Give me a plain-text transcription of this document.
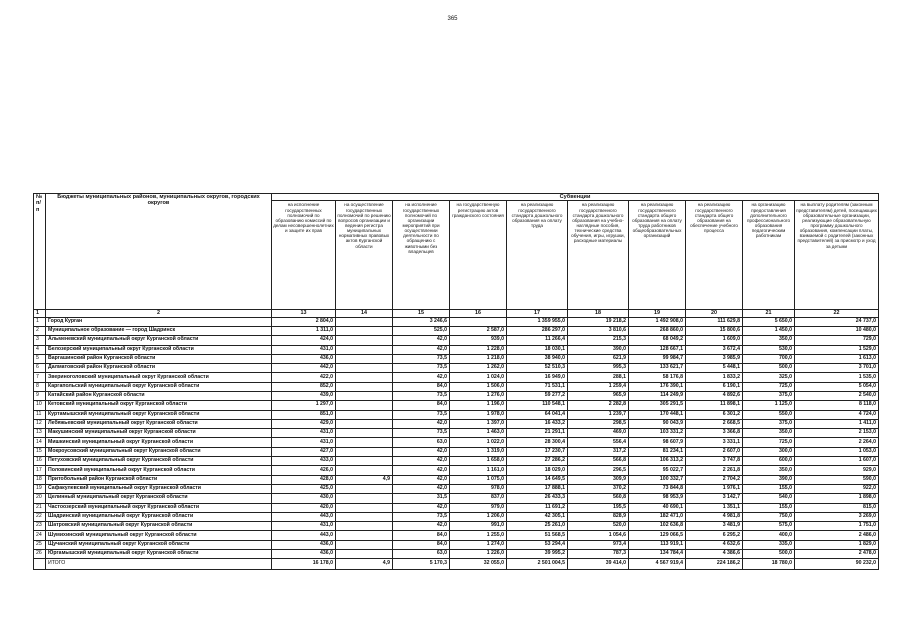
365
№ п/п	Бюджеты муниципальных районов, муниципальных округов, городских округов	Субвенции									
		на исполнение государственных полномочий по образованию комиссий по делам несовершеннолетних и защите их прав	на осуществление государственных полномочий по решению вопросов организации и ведения регистра муниципальных нормативных правовых актов Курганской области	на исполнение государственных полномочий по организации мероприятий при осуществлении деятельности по обращению с животными без владельцев	на государственную регистрацию актов гражданского состояния	на реализацию государственного стандарта дошкольного образования на оплату труда	на реализацию государственного стандарта дошкольного образования на учебно-наглядные пособия, технические средства обучения, игры, игрушки, расходные материалы	на реализацию государственного стандарта общего образования на оплату труда работников общеобразовательных организаций	на реализацию государственного стандарта общего образования на обеспечение учебного процесса	на организацию предоставления дополнительного профессионального образования педагогическим работникам	на выплату родителям (законным представителям) детей, посещающих образовательные организации, реализующие образовательную программу дошкольного образования, компенсации платы, взимаемой с родителей (законных представителей) за присмотр и уход за детьми
1	2	13	14	15	16	17	18	19	20	21	22
1	Город Курган	2 804,0		3 246,6		1 359 955,0	19 218,2	1 492 908,0	111 629,8	5 650,0	24 737,0
2	Муниципальное образование — город Шадринск	1 311,0		525,0	2 587,0	286 297,0	3 810,6	268 860,0	15 800,6	1 450,0	10 480,0
3	Альменевский муниципальный округ Курганской области	424,0		42,0	939,0	11 266,4	215,3	68 049,2	1 609,0	350,0	729,0
4	Белозерский муниципальный округ Курганской области	431,0		42,0	1 228,0	18 030,1	390,0	128 667,1	3 672,4	530,0	1 529,0
5	Варгашинский район Курганской области	436,0		73,5	1 218,0	38 940,0	621,9	99 984,7	3 985,9	700,0	1 613,0
6	Далматовский район Курганской области	442,0		73,5	1 262,0	52 510,3	995,3	133 621,7	5 448,1	500,0	3 701,0
7	Звериноголовский муниципальный округ Курганской области	422,0		42,0	1 024,0	16 949,0	288,1	58 176,8	1 833,2	325,0	1 535,0
8	Каргапольский муниципальный округ Курганской области	852,0		84,0	1 506,0	71 531,1	1 259,4	176 390,1	6 190,1	725,0	5 054,0
9	Катайский район Курганской области	439,0		73,5	1 276,0	59 277,2	965,9	114 249,9	4 892,6	375,0	2 540,0
10	Кетовский муниципальный округ Курганской области	1 297,0		84,0	1 196,0	110 548,1	2 282,8	305 291,5	11 898,1	1 125,0	8 118,0
11	Куртамышский муниципальный округ Курганской области	851,0		73,5	1 978,0	64 041,4	1 239,7	170 448,1	6 301,2	550,0	4 724,0
12	Лебяжьевский муниципальный округ Курганской области	429,0		42,0	1 397,0	16 433,2	298,5	90 043,9	2 668,5	375,0	1 411,0
13	Макушинский муниципальный округ Курганской области	431,0		73,5	1 463,0	21 291,1	469,0	103 331,2	3 366,8	350,0	2 153,0
14	Мишкинский муниципальный округ Курганской области	431,0		63,0	1 022,0	28 300,4	556,4	98 607,9	3 331,1	725,0	2 264,0
15	Мокроусовский муниципальный округ Курганской области	427,0		42,0	1 319,0	17 230,7	317,2	81 234,1	2 607,0	300,0	1 053,0
16	Петуховский муниципальный округ Курганской области	433,0		42,0	1 658,0	27 286,2	566,8	106 313,2	3 747,8	600,0	1 607,0
17	Половинский муниципальный округ Курганской области	426,0		42,0	1 161,0	18 029,0	296,5	95 022,7	2 261,8	350,0	929,0
18	Притобольный район Курганской области	428,0	4,9	42,0	1 075,0	14 649,5	309,9	100 332,7	2 704,2	390,0	590,0
19	Сафакулевский муниципальный округ Курганской области	425,0		42,0	978,0	17 888,1	370,2	73 844,8	1 976,1	155,0	922,0
20	Целинный муниципальный округ Курганской области	430,0		31,5	837,0	26 433,3	560,8	98 953,9	3 142,7	540,0	1 898,0
21	Частоозерский муниципальный округ Курганской области	420,0		42,0	979,0	11 691,2	195,5	40 690,1	1 351,1	155,0	815,0
22	Шадринский муниципальный округ Курганской области	443,0		73,5	1 206,0	42 305,1	828,9	182 471,0	4 981,8	750,0	3 269,0
23	Шатровский муниципальный округ Курганской области	431,0		42,0	991,0	25 261,0	520,0	102 636,8	3 481,9	575,0	1 751,0
24	Шумихинский муниципальный округ Курганской области	443,0		84,0	1 255,0	51 568,5	1 054,6	129 066,5	6 295,2	400,0	2 486,0
25	Щучанский муниципальный округ Курганской области	436,0		84,0	1 274,0	53 294,4	973,4	113 919,1	4 632,6	335,0	1 829,0
26	Юргамышский муниципальный округ Курганской области	436,0		63,0	1 226,0	39 995,2	787,3	134 784,4	4 386,6	500,0	2 478,0
	ИТОГО	16 178,0	4,9	5 170,3	32 055,0	2 501 004,5	39 414,0	4 567 919,4	224 186,2	18 780,0	90 232,0
